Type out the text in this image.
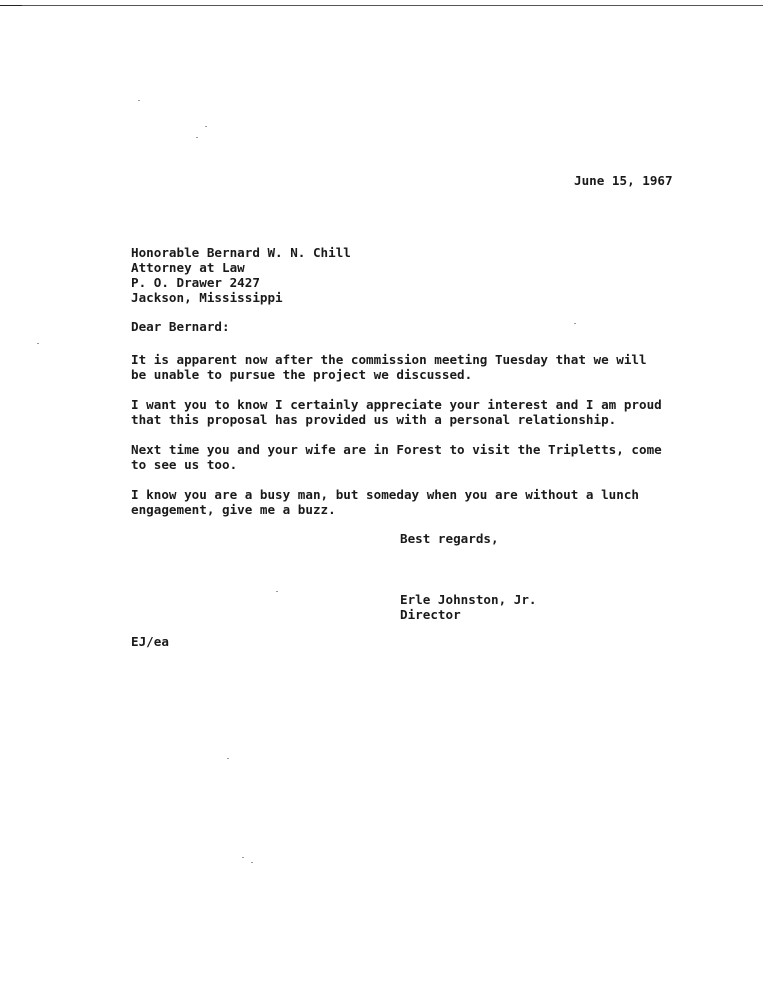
June 15, 1967
Honorable Bernard W. N. Chill
Attorney at Law
P. O. Drawer 2427
Jackson, Mississippi
Dear Bernard:
It is apparent now after the commission meeting Tuesday that we will
be unable to pursue the project we discussed.
I want you to know I certainly appreciate your interest and I am proud
that this proposal has provided us with a personal relationship.
Next time you and your wife are in Forest to visit the Tripletts, come
to see us too.
I know you are a busy man, but someday when you are without a lunch
engagement, give me a buzz.
Best regards,
Erle Johnston, Jr.
Director
EJ/ea
